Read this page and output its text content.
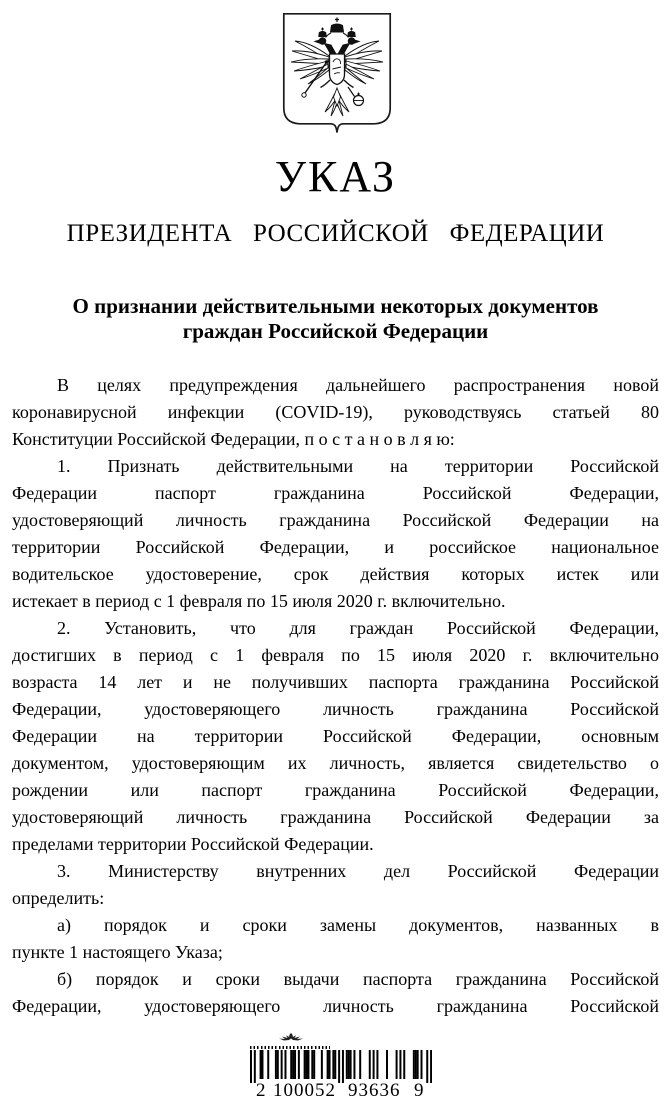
УКАЗ
ПРЕЗИДЕНТА РОССИЙСКОЙ ФЕДЕРАЦИИ
О признании действительными некоторых документов
граждан Российской Федерации
В целях предупреждения дальнейшего распространения новой
коронавирусной инфекции (COVID-19), руководствуясь статьей 80
Конституции Российской Федерации, п о с т а н о в л я ю:
1. Признать действительными на территории Российской
Федерации паспорт гражданина Российской Федерации,
удостоверяющий личность гражданина Российской Федерации на
территории Российской Федерации, и российское национальное
водительское удостоверение, срок действия которых истек или
истекает в период с 1 февраля по 15 июля 2020 г. включительно.
2. Установить, что для граждан Российской Федерации,
достигших в период с 1 февраля по 15 июля 2020 г. включительно
возраста 14 лет и не получивших паспорта гражданина Российской
Федерации, удостоверяющего личность гражданина Российской
Федерации на территории Российской Федерации, основным
документом, удостоверяющим их личность, является свидетельство о
рождении или паспорт гражданина Российской Федерации,
удостоверяющий личность гражданина Российской Федерации за
пределами территории Российской Федерации.
3. Министерству внутренних дел Российской Федерации
определить:
а) порядок и сроки замены документов, названных в
пункте 1 настоящего Указа;
б) порядок и сроки выдачи паспорта гражданина Российской
Федерации, удостоверяющего личность гражданина Российской
2 100052 93636 9
